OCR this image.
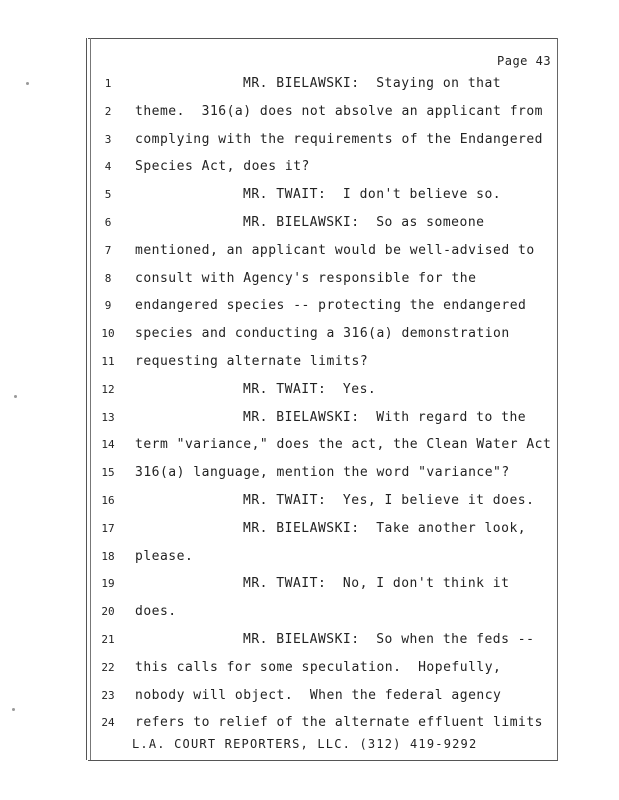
Page 43
1	MR. BIELAWSKI:  Staying on that
2	theme.  316(a) does not absolve an applicant from
3	complying with the requirements of the Endangered
4	Species Act, does it?
5	MR. TWAIT:  I don't believe so.
6	MR. BIELAWSKI:  So as someone
7	mentioned, an applicant would be well-advised to
8	consult with Agency's responsible for the
9	endangered species -- protecting the endangered
10 species and conducting a 316(a) demonstration
11 requesting alternate limits?
12	MR. TWAIT:  Yes.
13	MR. BIELAWSKI:  With regard to the
14 term "variance," does the act, the Clean Water Act
15 316(a) language, mention the word "variance"?
16	MR. TWAIT:  Yes, I believe it does.
17	MR. BIELAWSKI:  Take another look,
18 please.
19	MR. TWAIT:  No, I don't think it
20 does.
21	MR. BIELAWSKI:  So when the feds --
22 this calls for some speculation.  Hopefully,
23 nobody will object.  When the federal agency
24 refers to relief of the alternate effluent limits
L.A. COURT REPORTERS, LLC. (312) 419-9292
